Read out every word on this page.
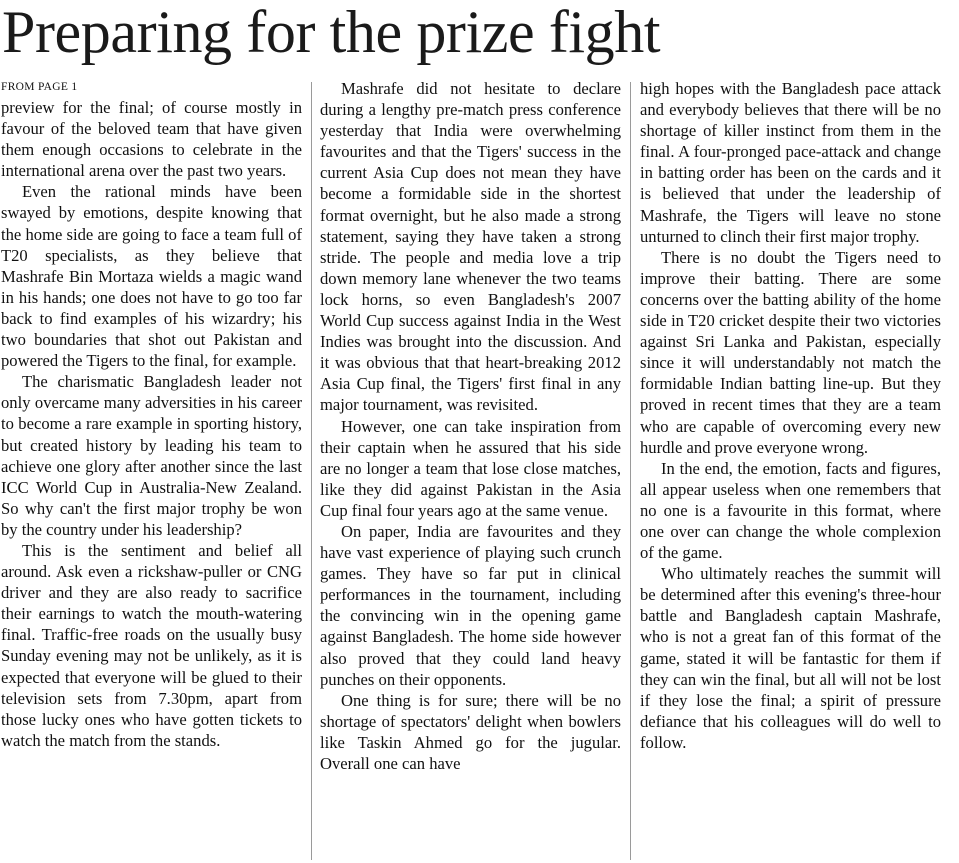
Preparing for the prize fight
FROM PAGE 1

preview for the final; of course mostly in favour of the beloved team that have given them enough occasions to celebrate in the international arena over the past two years.

Even the rational minds have been swayed by emotions, despite knowing that the home side are going to face a team full of T20 specialists, as they believe that Mashrafe Bin Mortaza wields a magic wand in his hands; one does not have to go too far back to find examples of his wizardry; his two boundaries that shot out Pakistan and powered the Tigers to the final, for example.

The charismatic Bangladesh leader not only overcame many adversities in his career to become a rare example in sporting history, but created history by leading his team to achieve one glory after another since the last ICC World Cup in Australia-New Zealand. So why can't the first major trophy be won by the country under his leadership?

This is the sentiment and belief all around. Ask even a rickshaw-puller or CNG driver and they are also ready to sacrifice their earnings to watch the mouth-watering final. Traffic-free roads on the usually busy Sunday evening may not be unlikely, as it is expected that everyone will be glued to their television sets from 7.30pm, apart from those lucky ones who have gotten tickets to watch the match from the stands.

Mashrafe did not hesitate to declare during a lengthy pre-match press conference yesterday that India were overwhelming favourites and that the Tigers' success in the current Asia Cup does not mean they have become a formidable side in the shortest format overnight, but he also made a strong statement, saying they have taken a strong stride. The people and media love a trip down memory lane whenever the two teams lock horns, so even Bangladesh's 2007 World Cup success against India in the West Indies was brought into the discussion. And it was obvious that that heart-breaking 2012 Asia Cup final, the Tigers' first final in any major tournament, was revisited.

However, one can take inspiration from their captain when he assured that his side are no longer a team that lose close matches, like they did against Pakistan in the Asia Cup final four years ago at the same venue.

On paper, India are favourites and they have vast experience of playing such crunch games. They have so far put in clinical performances in the tournament, including the convincing win in the opening game against Bangladesh. The home side however also proved that they could land heavy punches on their opponents.

One thing is for sure; there will be no shortage of spectators' delight when bowlers like Taskin Ahmed go for the jugular. Overall one can have

high hopes with the Bangladesh pace attack and everybody believes that there will be no shortage of killer instinct from them in the final. A four-pronged pace-attack and change in batting order has been on the cards and it is believed that under the leadership of Mashrafe, the Tigers will leave no stone unturned to clinch their first major trophy.

There is no doubt the Tigers need to improve their batting. There are some concerns over the batting ability of the home side in T20 cricket despite their two victories against Sri Lanka and Pakistan, especially since it will understandably not match the formidable Indian batting line-up. But they proved in recent times that they are a team who are capable of overcoming every new hurdle and prove everyone wrong.

In the end, the emotion, facts and figures, all appear useless when one remembers that no one is a favourite in this format, where one over can change the whole complexion of the game.

Who ultimately reaches the summit will be determined after this evening's three-hour battle and Bangladesh captain Mashrafe, who is not a great fan of this format of the game, stated it will be fantastic for them if they can win the final, but all will not be lost if they lose the final; a spirit of pressure defiance that his colleagues will do well to follow.
